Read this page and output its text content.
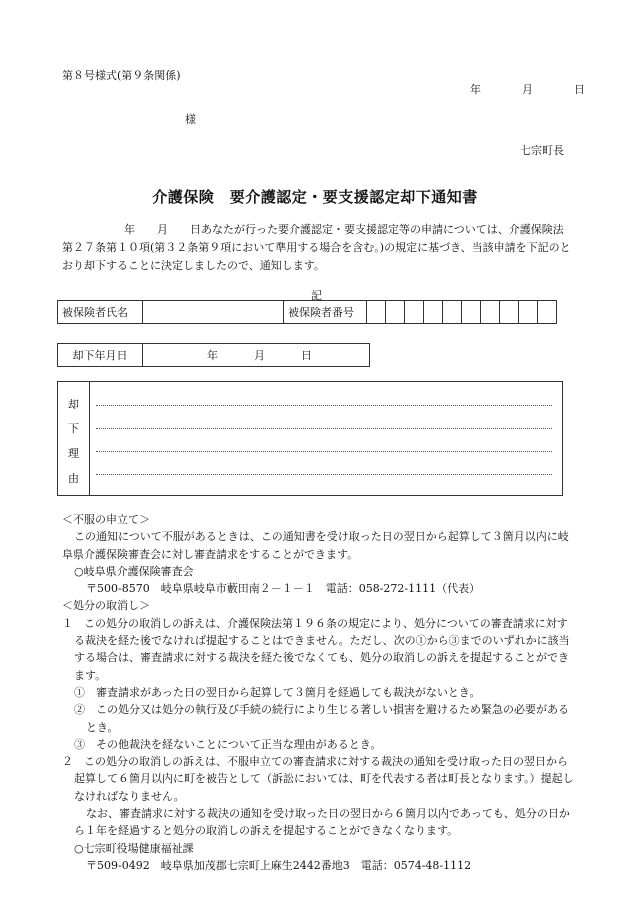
第８号様式(第９条関係)
年	月	日
様
七宗町長
介護保険　要介護認定・要支援認定却下通知書
年　　月　　日あなたが行った要介護認定・要支援認定等の申請については、介護保険法第２７条第１０項(第３２条第９項において準用する場合を含む。)の規定に基づき、当該申請を下記のとおり却下することに決定しましたので、通知します。
記
被保険者氏名		被保険者番号										
却下年月日	年	月	日
却
下
理
由

＜不服の申立て＞

この通知について不服があるときは、この通知書を受け取った日の翌日から起算して３箇月以内に岐阜県介護保険審査会に対し審査請求をすることができます。

○岐阜県介護保険審査会

〒500-8570　岐阜県岐阜市藪田南２－１－１　電話：058-272-1111（代表）

＜処分の取消し＞

１　この処分の取消しの訴えは、介護保険法第１９６条の規定により、処分についての審査請求に対する裁決を経た後でなければ提起することはできません。ただし、次の①から③までのいずれかに該当する場合は、審査請求に対する裁決を経た後でなくても、処分の取消しの訴えを提起することができます。

①　審査請求があった日の翌日から起算して３箇月を経過しても裁決がないとき。

②　この処分又は処分の執行及び手続の続行により生じる著しい損害を避けるため緊急の必要があるとき。

③　その他裁決を経ないことについて正当な理由があるとき。

２　この処分の取消しの訴えは、不服申立ての審査請求に対する裁決の通知を受け取った日の翌日から起算して６箇月以内に町を被告として（訴訟においては、町を代表する者は町長となります。）提起しなければなりません。

なお、審査請求に対する裁決の通知を受け取った日の翌日から６箇月以内であっても、処分の日から１年を経過すると処分の取消しの訴えを提起することができなくなります。

○七宗町役場健康福祉課

〒509-0492　岐阜県加茂郡七宗町上麻生2442番地3　電話：0574-48-1112
